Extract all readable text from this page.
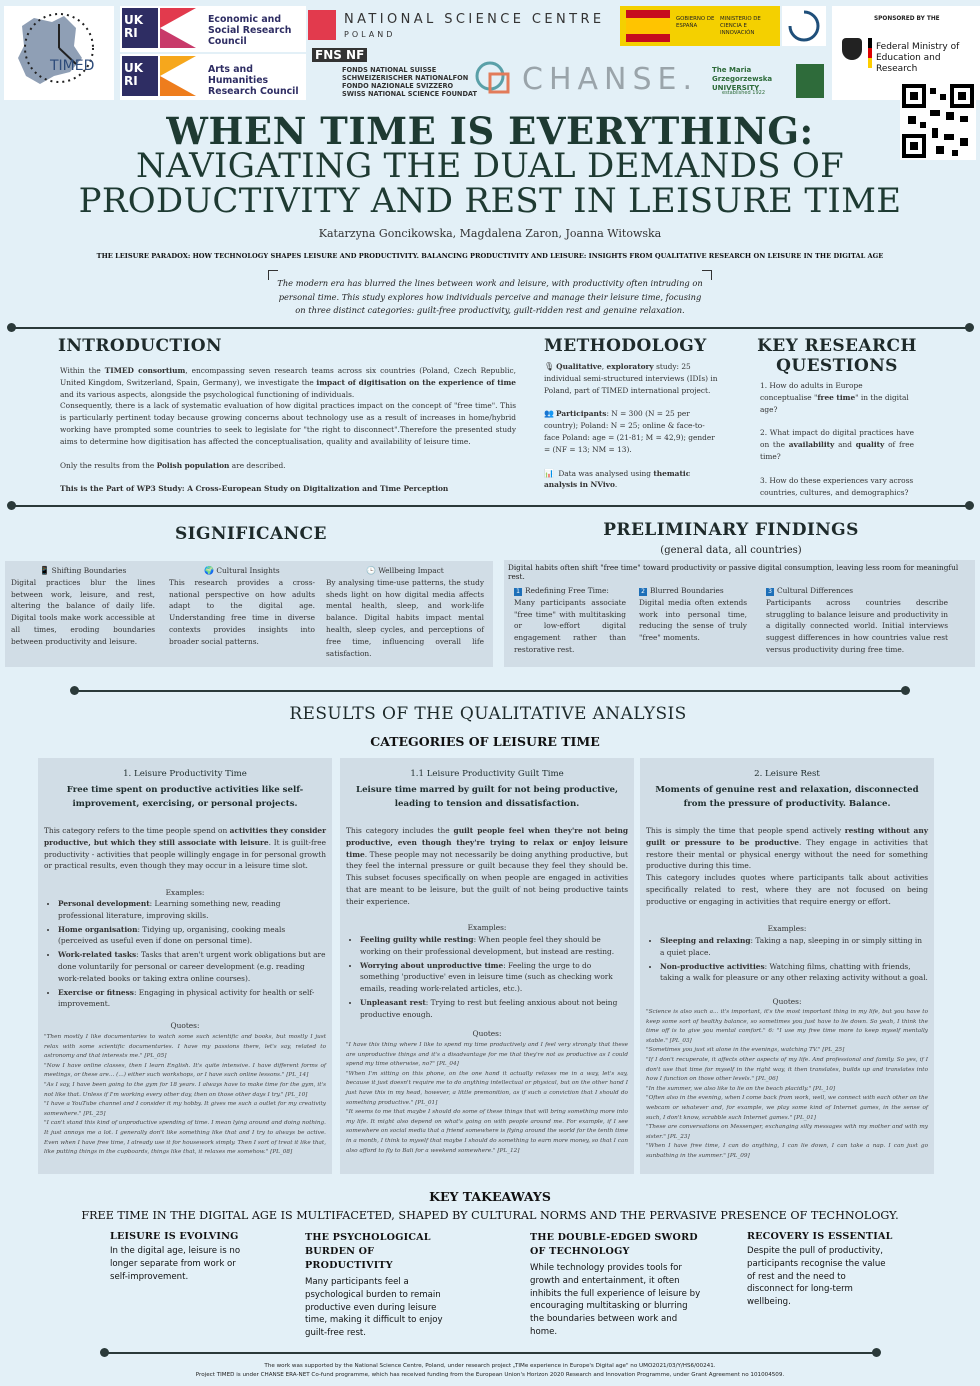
TIMED
UK RI
Economic and Social Research Council
UK RI
Arts and Humanities Research Council
NATIONAL SCIENCE CENTRE
POLAND
FNS NF
FONDS NATIONAL SUISSE
SCHWEIZERISCHER NATIONALFON
FONDO NAZIONALE SVIZZERO
SWISS NATIONAL SCIENCE FOUNDAT CHANSE.
GOBIERNO DE ESPAÑA
MINISTERIO DE CIENCIA E INNOVACIÓN
The Maria Grzegorzewska UNIVERSITY
established 1922
SPONSORED BY THE
Federal Ministry of Education and Research
WHEN TIME IS EVERYTHING:
NAVIGATING THE DUAL DEMANDS OF
PRODUCTIVITY AND REST IN LEISURE TIME
Katarzyna Goncikowska, Magdalena Zaron, Joanna Witowska
THE LEISURE PARADOX: HOW TECHNOLOGY SHAPES LEISURE AND PRODUCTIVITY. BALANCING PRODUCTIVITY AND LEISURE: INSIGHTS FROM QUALITATIVE RESEARCH ON LEISURE IN THE DIGITAL AGE
The modern era has blurred the lines between work and leisure, with productivity often intruding on personal time. This study explores how individuals perceive and manage their leisure time, focusing on three distinct categories: guilt-free productivity, guilt-ridden rest and genuine relaxation.
INTRODUCTION

Within the TIMED consortium, encompassing seven research teams across six countries (Poland, Czech Republic, United Kingdom, Switzerland, Spain, Germany), we investigate the impact of digitisation on the experience of time and its various aspects, alongside the psychological functioning of individuals.

Consequently, there is a lack of systematic evaluation of how digital practices impact on the concept of "free time". This is particularly pertinent today because growing concerns about technology use as a result of increases in home/hybrid working have prompted some countries to seek to legislate for "the right to disconnect".Therefore the presented study aims to determine how digitisation has affected the conceptualisation, quality and availability of leisure time.

Only the results from the Polish population are described.

This is the Part of WP3 Study: A Cross-European Study on Digitalization and Time Perception

METHODOLOGY

🎙 Qualitative, exploratory study: 25 individual semi-structured interviews (IDIs) in Poland, part of TIMED international project.

👥 Participants: N = 300 (N = 25 per country); Poland: N = 25; online & face-to-face Poland: age = (21-81; M = 42,9); gender = (NF = 13; NM = 13).

📊 Data was analysed using thematic analysis in NVivo.

KEY RESEARCH QUESTIONS

1. How do adults in Europe conceptualise "free time" in the digital age?

2. What impact do digital practices have on the availability and quality of free time?

3. How do these experiences vary across countries, cultures, and demographics?

SIGNIFICANCE
📱 Shifting Boundaries
Digital practices blur the lines between work, leisure, and rest, altering the balance of daily life. Digital tools make work accessible at all times, eroding boundaries between productivity and leisure.
🌍 Cultural Insights
This research provides a cross-national perspective on how adults adapt to the digital age. Understanding free time in diverse contexts provides insights into broader social patterns.
🕒 Wellbeing Impact
By analysing time-use patterns, the study sheds light on how digital media affects mental health, sleep, and work-life balance. Digital habits impact mental health, sleep cycles, and perceptions of free time, influencing overall life satisfaction.
PRELIMINARY FINDINGS
(general data, all countries)
Digital habits often shift "free time" toward productivity or passive digital consumption, leaving less room for meaningful rest.
1 Redefining Free Time:
Many participants associate "free time" with multitasking or low-effort digital engagement rather than restorative rest.
2 Blurred Boundaries
Digital media often extends work into personal time, reducing the sense of truly "free" moments.
3 Cultural Differences
Participants across countries describe struggling to balance leisure and productivity in a digitally connected world. Initial interviews suggest differences in how countries value rest versus productivity during free time.
RESULTS OF THE QUALITATIVE ANALYSIS
CATEGORIES OF LEISURE TIME
1. Leisure Productivity Time
Free time spent on productive activities like self-improvement, exercising, or personal projects.
This category refers to the time people spend on activities they consider productive, but which they still associate with leisure. It is guilt-free productivity - activities that people willingly engage in for personal growth or practical results, even though they may occur in a leisure time slot.
Examples:
• Personal development: Learning something new, reading professional literature, improving skills.
• Home organisation: Tidying up, organising, cooking meals (perceived as useful even if done on personal time).
• Work-related tasks: Tasks that aren't urgent work obligations but are done voluntarily for personal or career development (e.g. reading work-related books or taking extra online courses).
• Exercise or fitness: Engaging in physical activity for health or self-improvement.
Quotes:

"Then mostly I like documentaries to watch some such scientific and books, but mostly I just relax with some scientific documentaries. I have my passions there, let's say, related to astronomy and that interests me." [PL_05]

"Now I have online classes, then I learn English. It's quite intensive. I have different forms of meetings, or these are... (...) either such workshops, or I have such online lessons." [PL_14]

"As I say, I have been going to the gym for 18 years. I always have to make time for the gym, it's not like that. Unless if I'm working every other day, then on those other days I try." [PL_10]

"I have a YouTube channel and I consider it my hobby. It gives me such a outlet for my creativity somewhere." [PL_25]

"I can't stand this kind of unproductive spending of time. I mean lying around and doing nothing. It just annoys me a lot. I generally don't like something like that and I try to always be active. Even when I have free time, I already use it for housework simply. Then I sort of treat it like that, like putting things in the cupboards, things like that, it relaxes me somehow." [PL_08]

1.1 Leisure Productivity Guilt Time
Leisure time marred by guilt for not being productive, leading to tension and dissatisfaction.
This category includes the guilt people feel when they're not being productive, even though they're trying to relax or enjoy leisure time. These people may not necessarily be doing anything productive, but they feel the internal pressure or guilt because they feel they should be. This subset focuses specifically on when people are engaged in activities that are meant to be leisure, but the guilt of not being productive taints their experience.
Examples:
• Feeling guilty while resting: When people feel they should be working on their professional development, but instead are resting.
• Worrying about unproductive time: Feeling the urge to do something 'productive' even in leisure time (such as checking work emails, reading work-related articles, etc.).
• Unpleasant rest: Trying to rest but feeling anxious about not being productive enough.
Quotes:

"I have this thing where I like to spend my time productively and I feel very strongly that these are unproductive things and it's a disadvantage for me that they're not as productive as I could spend my time otherwise, no?" [PL_04]

"When I'm sitting on this phone, on the one hand it actually relaxes me in a way, let's say, because it just doesn't require me to do anything intellectual or physical, but on the other hand I just have this in my head, however, a little premonition, as if such a conviction that I should do something productive." [PL_01]

"It seems to me that maybe I should do some of these things that will bring something more into my life. It might also depend on what's going on with people around me. For example, if I see somewhere on social media that a friend somewhere is flying around the world for the tenth time in a month, I think to myself that maybe I should do something to earn more money, so that I can also afford to fly to Bali for a weekend somewhere." [PL_12]

2. Leisure Rest
Moments of genuine rest and relaxation, disconnected from the pressure of productivity. Balance.

This is simply the time that people spend actively resting without any guilt or pressure to be productive. They engage in activities that restore their mental or physical energy without the need for something productive during this time.

This category includes quotes where participants talk about activities specifically related to rest, where they are not focused on being productive or engaging in activities that require energy or effort.

Examples:
• Sleeping and relaxing: Taking a nap, sleeping in or simply sitting in a quiet place.
• Non-productive activities: Watching films, chatting with friends, taking a walk for pleasure or any other relaxing activity without a goal.
Quotes:

"Science is also such a... it's important, it's the most important thing in my life, but you have to keep some sort of healthy balance, so sometimes you just have to lie down. So yeah, I think the time off is to give you mental comfort." 6: "I use my free time more to keep myself mentally stable." [PL_03]

"Sometimes you just sit alone in the evenings, watching TV." [PL_25]

"If I don't recuperate, it affects other aspects of my life. And professional and family. So yes, if I don't use that time for myself in the right way, it then translates, builds up and translates into how I function on those other levels." [PL_06]

"In the summer, we also like to lie on the beach placidly." [PL_10]

"Often also in the evening, when I come back from work, well, we connect with each other on the webcam or whatever and, for example, we play some kind of Internet games, in the sense of such, I don't know, scrabble such Internet games." [PL_01]

"These are conversations on Messenger, exchanging silly messages with my mother and with my sister." [PL_23]

"When I have free time, I can do anything, I can lie down, I can take a nap. I can just go sunbathing in the summer." [PL_09]

KEY TAKEAWAYS
FREE TIME IN THE DIGITAL AGE IS MULTIFACETED, SHAPED BY CULTURAL NORMS AND THE PERVASIVE PRESENCE OF TECHNOLOGY.
LEISURE IS EVOLVING
In the digital age, leisure is no longer separate from work or self-improvement.
THE PSYCHOLOGICAL BURDEN OF PRODUCTIVITY
Many participants feel a psychological burden to remain productive even during leisure time, making it difficult to enjoy guilt-free rest.
THE DOUBLE-EDGED SWORD OF TECHNOLOGY
While technology provides tools for growth and entertainment, it often inhibits the full experience of leisure by encouraging multitasking or blurring the boundaries between work and home.
RECOVERY IS ESSENTIAL
Despite the pull of productivity, participants recognise the value of rest and the need to disconnect for long-term wellbeing.
The work was supported by the National Science Centre, Poland, under research project „TIMe experience in Europe's Digital age" no UMO2021/03/Y/HS6/00241.
Project TIMED is under CHANSE ERA-NET Co-fund programme, which has received funding from the European Union's Horizon 2020 Research and Innovation Programme, under Grant Agreement no 101004509.
